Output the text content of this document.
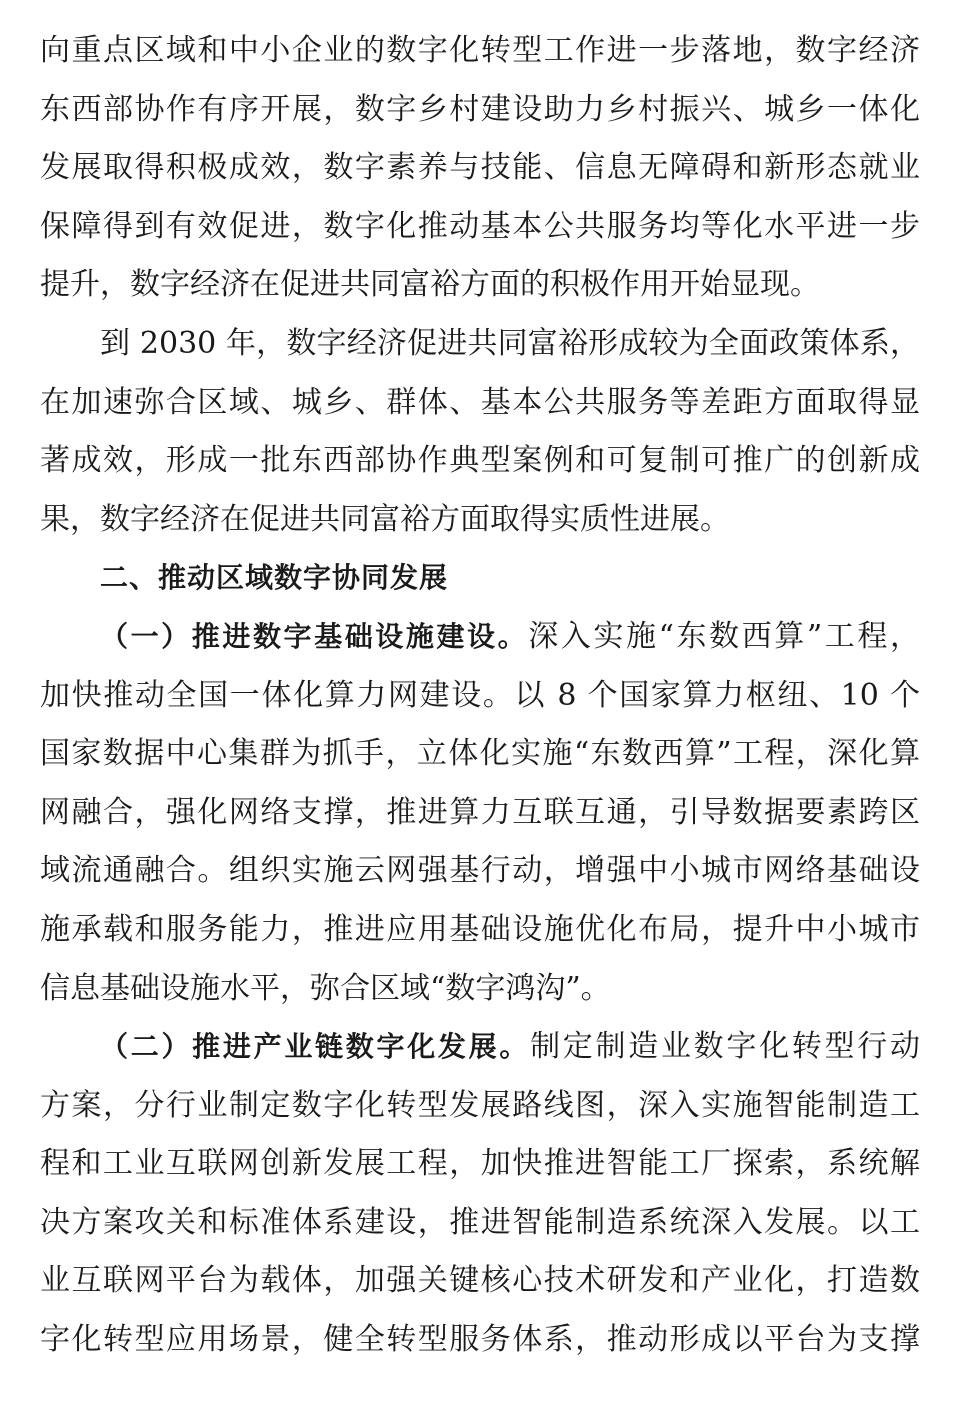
向重点区域和中小企业的数字化转型工作进一步落地，数字经济
东西部协作有序开展，数字乡村建设助力乡村振兴、城乡一体化
发展取得积极成效，数字素养与技能、信息无障碍和新形态就业
保障得到有效促进，数字化推动基本公共服务均等化水平进一步
提升，数字经济在促进共同富裕方面的积极作用开始显现。
到 2030 年，数字经济促进共同富裕形成较为全面政策体系，
在加速弥合区域、城乡、群体、基本公共服务等差距方面取得显
著成效，形成一批东西部协作典型案例和可复制可推广的创新成
果，数字经济在促进共同富裕方面取得实质性进展。
二、推动区域数字协同发展
（一）推进数字基础设施建设。深入实施“东数西算”工程，
加快推动全国一体化算力网建设。以 8 个国家算力枢纽、10 个
国家数据中心集群为抓手，立体化实施“东数西算”工程，深化算
网融合，强化网络支撑，推进算力互联互通，引导数据要素跨区
域流通融合。组织实施云网强基行动，增强中小城市网络基础设
施承载和服务能力，推进应用基础设施优化布局，提升中小城市
信息基础设施水平，弥合区域“数字鸿沟”。
（二）推进产业链数字化发展。制定制造业数字化转型行动
方案，分行业制定数字化转型发展路线图，深入实施智能制造工
程和工业互联网创新发展工程，加快推进智能工厂探索，系统解
决方案攻关和标准体系建设，推进智能制造系统深入发展。以工
业互联网平台为载体，加强关键核心技术研发和产业化，打造数
字化转型应用场景，健全转型服务体系，推动形成以平台为支撑
